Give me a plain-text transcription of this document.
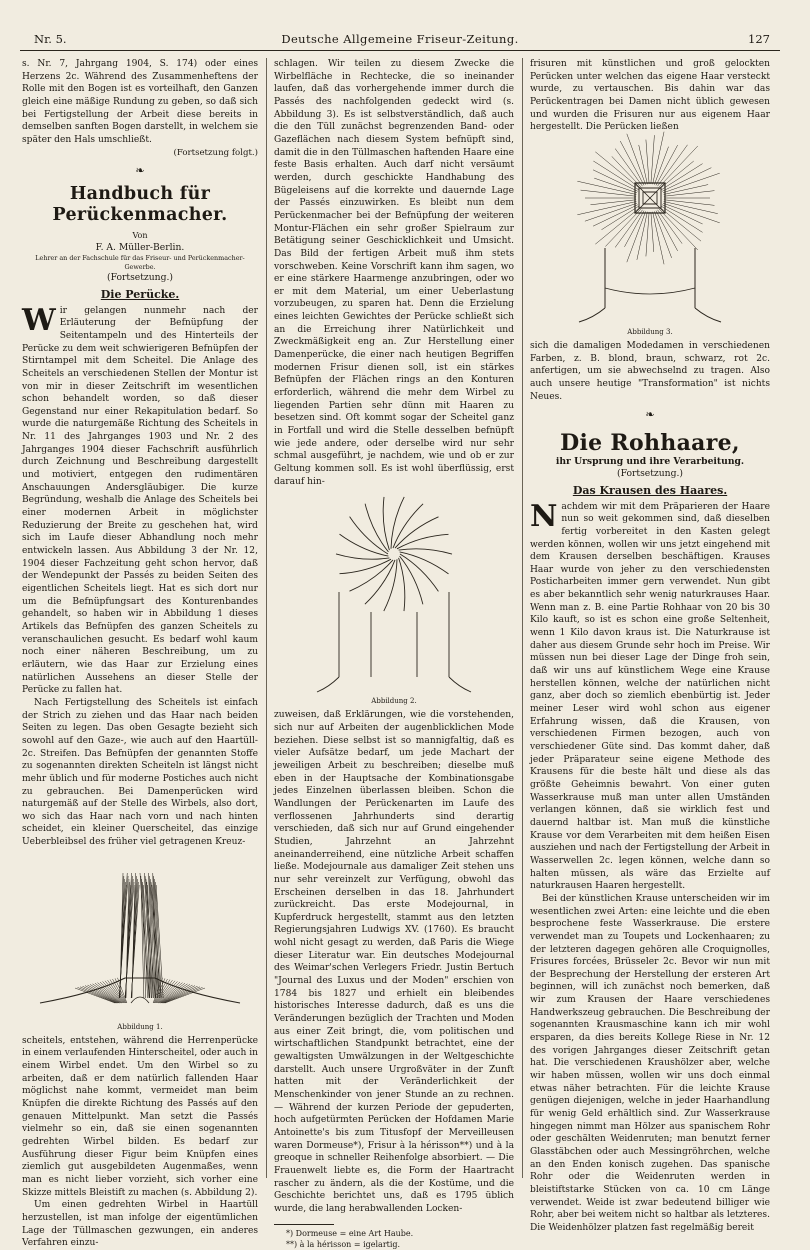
Nr. 5.	Deutsche Allgemeine Friseur-Zeitung.	127

s. Nr. 7, Jahrgang 1904, S. 174) oder eines Herzens 2c. Während des Zusammenheftens der Rolle mit den Bogen ist es vorteilhaft, den Ganzen gleich eine mäßige Rundung zu geben, so daß sich bei Fertigstellung der Arbeit diese bereits in demselben sanften Bogen darstellt, in welchem sie später den Hals umschließt.

(Fortsetzung folgt.)
❧
Handbuch für Perückenmacher.
Von
F. A. Müller-Berlin.
Lehrer an der Fachschule für das Friseur- und Perückenmacher-Gewerbe.
(Fortsetzung.)
Die Perücke.

Wir gelangen nunmehr nach der Erläuterung der Befnüpfung der Seitentampeln und des Hinterteils der Perücke zu dem weit schwierigeren Befnüpfen der Stirntampel mit dem Scheitel. Die Anlage des Scheitels an verschiedenen Stellen der Montur ist von mir in dieser Zeitschrift im wesentlichen schon behandelt worden, so daß dieser Gegenstand nur einer Rekapitulation bedarf. So wurde die naturgemäße Richtung des Scheitels in Nr. 11 des Jahrganges 1903 und Nr. 2 des Jahrganges 1904 dieser Fachschrift ausführlich durch Zeichnung und Beschreibung dargestellt und motiviert, entgegen den rudimentären Anschauungen Andersgläubiger. Die kurze Begründung, weshalb die Anlage des Scheitels bei einer modernen Arbeit in möglichster Reduzierung der Breite zu geschehen hat, wird sich im Laufe dieser Abhandlung noch mehr entwickeln lassen. Aus Abbildung 3 der Nr. 12, 1904 dieser Fachzeitung geht schon hervor, daß der Wendepunkt der Passés zu beiden Seiten des eigentlichen Scheitels liegt. Hat es sich dort nur um die Befnüpfungsart des Konturenbandes gehandelt, so haben wir in Abbildung 1 dieses Artikels das Befnüpfen des ganzen Scheitels zu veranschaulichen gesucht. Es bedarf wohl kaum noch einer näheren Beschreibung, um zu erläutern, wie das Haar zur Erzielung eines natürlichen Aussehens an dieser Stelle der Perücke zu fallen hat.

Nach Fertigstellung des Scheitels ist einfach der Strich zu ziehen und das Haar nach beiden Seiten zu legen. Das oben Gesagte bezieht sich sowohl auf den Gaze-, wie auch auf den Haartüll- 2c. Streifen. Das Befnüpfen der genannten Stoffe zu sogenannten direkten Scheiteln ist längst nicht mehr üblich und für moderne Postiches auch nicht zu gebrauchen. Bei Damenperücken wird naturgemäß auf der Stelle des Wirbels, also dort, wo sich das Haar nach vorn und nach hinten scheidet, ein kleiner Querscheitel, das einzige Ueberbleibsel des früher viel getragenen Kreuz-

Abbildung 1.

scheitels, entstehen, während die Herrenperücke in einem verlaufenden Hinterscheitel, oder auch in einem Wirbel endet. Um den Wirbel so zu arbeiten, daß er dem natürlich fallenden Haar möglichst nahe kommt, vermeidet man beim Knüpfen die direkte Richtung des Passés auf den genauen Mittelpunkt. Man setzt die Passés vielmehr so ein, daß sie einen sogenannten gedrehten Wirbel bilden. Es bedarf zur Ausführung dieser Figur beim Knüpfen eines ziemlich gut ausgebildeten Augenmaßes, wenn man es nicht lieber vorzieht, sich vorher eine Skizze mittels Bleistift zu machen (s. Abbildung 2).

Um einen gedrehten Wirbel in Haartüll herzustellen, ist man infolge der eigentümlichen Lage der Tüllmaschen gezwungen, ein anderes Verfahren einzu-

schlagen. Wir teilen zu diesem Zwecke die Wirbelfläche in Rechtecke, die so ineinander laufen, daß das vorhergehende immer durch die Passés des nachfolgenden gedeckt wird (s. Abbildung 3). Es ist selbstverständlich, daß auch die den Tüll zunächst begrenzenden Band- oder Gazeflächen nach diesem System befnüpft sind, damit die in den Tüllmaschen haftenden Haare eine feste Basis erhalten. Auch darf nicht versäumt werden, durch geschickte Handhabung des Bügeleisens auf die korrekte und dauernde Lage der Passés einzuwirken. Es bleibt nun dem Perückenmacher bei der Befnüpfung der weiteren Montur-Flächen ein sehr großer Spielraum zur Betätigung seiner Geschicklichkeit und Umsicht. Das Bild der fertigen Arbeit muß ihm stets vorschweben. Keine Vorschrift kann ihm sagen, wo er eine stärkere Haarmenge anzubringen, oder wo er mit dem Material, um einer Ueberlastung vorzubeugen, zu sparen hat. Denn die Erzielung eines leichten Gewichtes der Perücke schließt sich an die Erreichung ihrer Natürlichkeit und Zweckmäßigkeit eng an. Zur Herstellung einer Damenperücke, die einer nach heutigen Begriffen modernen Frisur dienen soll, ist ein stärkes Befnüpfen der Flächen rings an den Konturen erforderlich, während die mehr dem Wirbel zu liegenden Partien sehr dünn mit Haaren zu besetzen sind. Oft kommt sogar der Scheitel ganz in Fortfall und wird die Stelle desselben befnüpft wie jede andere, oder derselbe wird nur sehr schmal ausgeführt, je nachdem, wie und ob er zur Geltung kommen soll. Es ist wohl überflüssig, erst darauf hin-

Abbildung 2.

zuweisen, daß Erklärungen, wie die vorstehenden, sich nur auf Arbeiten der augenblicklichen Mode beziehen. Diese selbst ist so mannigfaltig, daß es vieler Aufsätze bedarf, um jede Machart der jeweiligen Arbeit zu beschreiben; dieselbe muß eben in der Hauptsache der Kombinationsgabe jedes Einzelnen überlassen bleiben. Schon die Wandlungen der Perückenarten im Laufe des verflossenen Jahrhunderts sind derartig verschieden, daß sich nur auf Grund eingehender Studien, Jahrzehnt an Jahrzehnt aneinanderreihend, eine nützliche Arbeit schaffen ließe. Modejournale aus damaliger Zeit stehen uns nur sehr vereinzelt zur Verfügung, obwohl das Erscheinen derselben in das 18. Jahrhundert zurückreicht. Das erste Modejournal, in Kupferdruck hergestellt, stammt aus den letzten Regierungsjahren Ludwigs XV. (1760). Es braucht wohl nicht gesagt zu werden, daß Paris die Wiege dieser Literatur war. Ein deutsches Modejournal des Weimar'schen Verlegers Friedr. Justin Bertuch "Journal des Luxus und der Moden" erschien von 1784 bis 1827 und erhielt ein bleibendes historisches Interesse dadurch, daß es uns die Veränderungen bezüglich der Trachten und Moden aus einer Zeit bringt, die, vom politischen und wirtschaftlichen Standpunkt betrachtet, eine der gewaltigsten Umwälzungen in der Weltgeschichte darstellt. Auch unsere Urgroßväter in der Zunft hatten mit der Veränderlichkeit der Menschenkinder von jener Stunde an zu rechnen. — Während der kurzen Periode der gepuderten, hoch aufgetürmten Perücken der Hofdamen Marie Antoinette's bis zum Titusfopf der Merveilleusen waren Dormeuse*), Frisur à la hérisson**) und à la greoque in schneller Reihenfolge absorbiert. — Die Frauenwelt liebte es, die Form der Haartracht rascher zu ändern, als die der Kostüme, und die Geschichte berichtet uns, daß es 1795 üblich wurde, die lang herabwallenden Locken-

*) Dormeuse = eine Art Haube.
**) à la hérisson = igelartig.

frisuren mit künstlichen und groß gelockten Perücken unter welchen das eigene Haar versteckt wurde, zu vertauschen. Bis dahin war das Perückentragen bei Damen nicht üblich gewesen und wurden die Frisuren nur aus eigenem Haar hergestellt. Die Perücken ließen

Abbildung 3.

sich die damaligen Modedamen in verschiedenen Farben, z. B. blond, braun, schwarz, rot 2c. anfertigen, um sie abwechselnd zu tragen. Also auch unsere heutige "Transformation" ist nichts Neues.

❧
Die Rohhaare,
ihr Ursprung und ihre Verarbeitung.
(Fortsetzung.)
Das Krausen des Haares.

Nachdem wir mit dem Präparieren der Haare nun so weit gekommen sind, daß dieselben fertig vorbereitet in den Kasten gelegt werden können, wollen wir uns jetzt eingehend mit dem Krausen derselben beschäftigen. Krauses Haar wurde von jeher zu den verschiedensten Posticharbeiten immer gern verwendet. Nun gibt es aber bekanntlich sehr wenig naturkrauses Haar. Wenn man z. B. eine Partie Rohhaar von 20 bis 30 Kilo kauft, so ist es schon eine große Seltenheit, wenn 1 Kilo davon kraus ist. Die Naturkrause ist daher aus diesem Grunde sehr hoch im Preise. Wir müssen nun bei dieser Lage der Dinge froh sein, daß wir uns auf künstlichem Wege eine Krause herstellen können, welche der natürlichen nicht ganz, aber doch so ziemlich ebenbürtig ist. Jeder meiner Leser wird wohl schon aus eigener Erfahrung wissen, daß die Krausen, von verschiedenen Firmen bezogen, auch von verschiedener Güte sind. Das kommt daher, daß jeder Präparateur seine eigene Methode des Krausens für die beste hält und diese als das größte Geheimnis bewahrt. Von einer guten Wasserkrause muß man unter allen Umständen verlangen können, daß sie wirklich fest und dauernd haltbar ist. Man muß die künstliche Krause vor dem Verarbeiten mit dem heißen Eisen ausziehen und nach der Fertigstellung der Arbeit in Wasserwellen 2c. legen können, welche dann so halten müssen, als wäre das Erzielte auf naturkrausen Haaren hergestellt.

Bei der künstlichen Krause unterscheiden wir im wesentlichen zwei Arten: eine leichte und die eben besprochene feste Wasserkrause. Die erstere verwendet man zu Toupets und Lockenhaaren; zu der letzteren dagegen gehören alle Croquignolles, Frisures forcées, Brüsseler 2c. Bevor wir nun mit der Besprechung der Herstellung der ersteren Art beginnen, will ich zunächst noch bemerken, daß wir zum Krausen der Haare verschiedenes Handwerkszeug gebrauchen. Die Beschreibung der sogenannten Krausmaschine kann ich mir wohl ersparen, da dies bereits Kollege Riese in Nr. 12 des vorigen Jahrganges dieser Zeitschrift getan hat. Die verschiedenen Kraushölzer aber, welche wir haben müssen, wollen wir uns doch einmal etwas näher betrachten. Für die leichte Krause genügen diejenigen, welche in jeder Haarhandlung für wenig Geld erhältlich sind. Zur Wasserkrause hingegen nimmt man Hölzer aus spanischem Rohr oder geschälten Weidenruten; man benutzt ferner Glasstäbchen oder auch Messingröhrchen, welche an den Enden konisch zugehen. Das spanische Rohr oder die Weidenruten werden in bleistiftstarke Stücken von ca. 10 cm Länge verwendet. Weide ist zwar bedeutend billiger wie Rohr, aber bei weitem nicht so haltbar als letzteres. Die Weidenhölzer platzen fast regelmäßig bereit
